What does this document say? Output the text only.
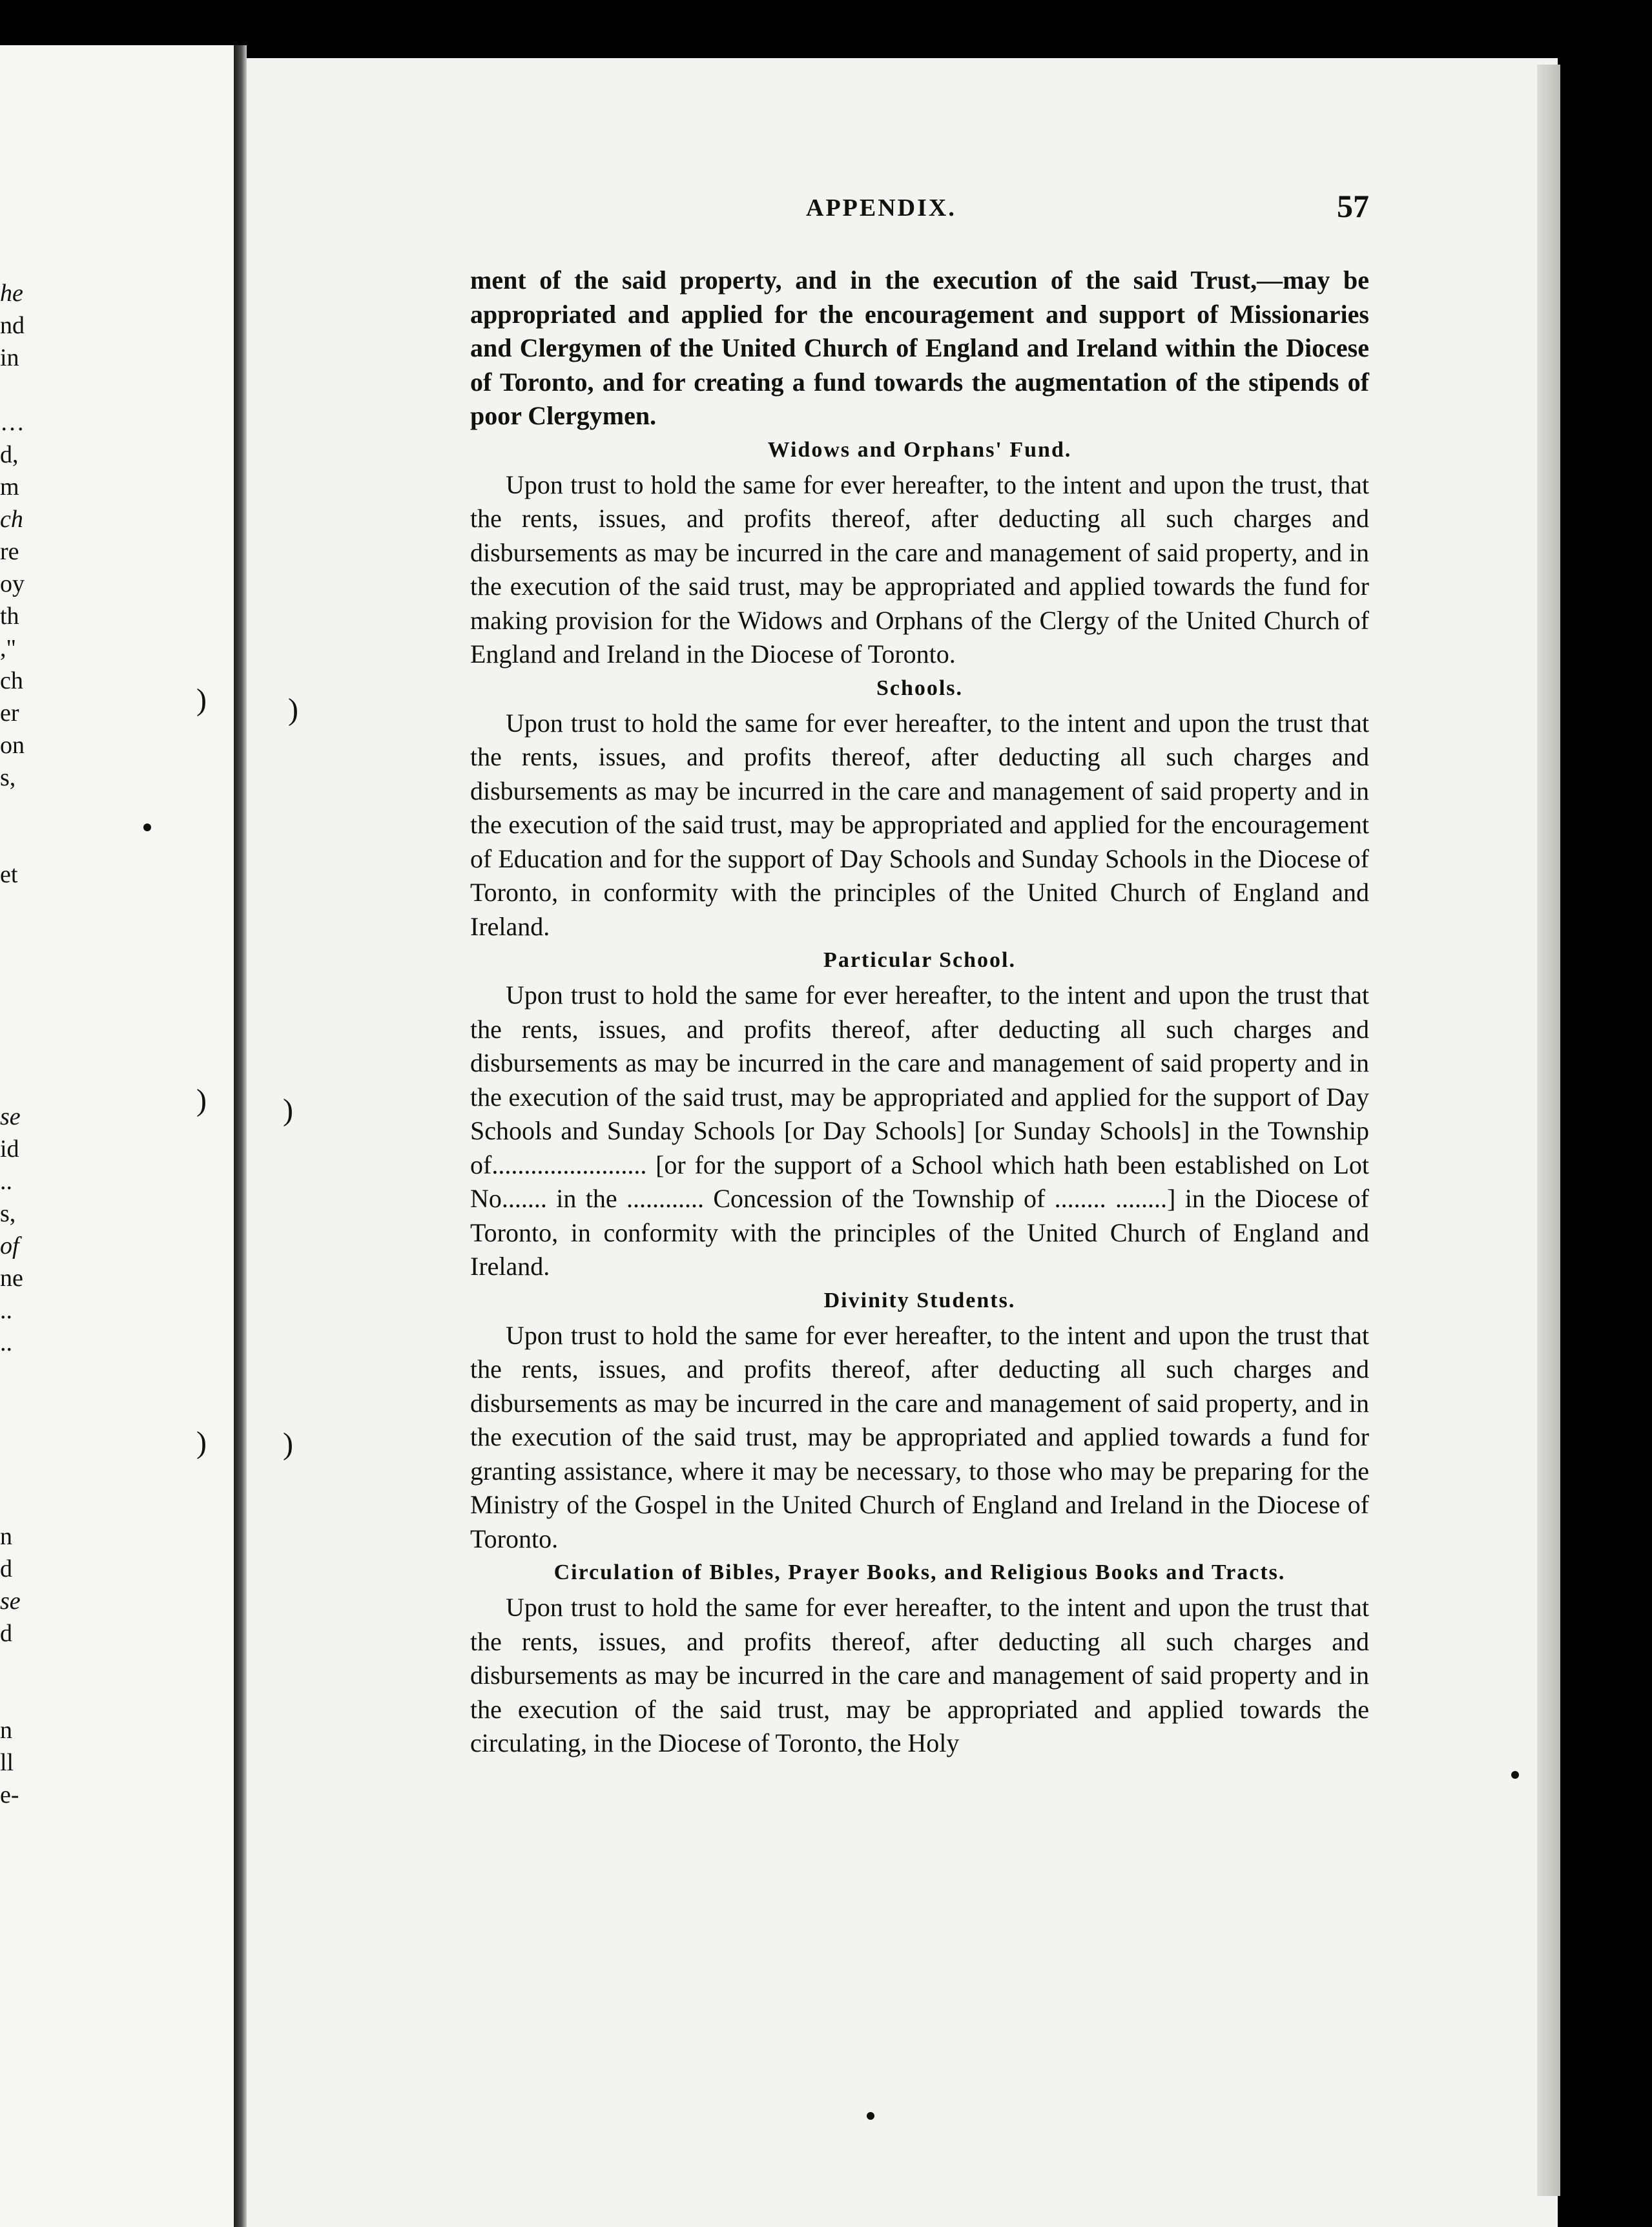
he
nd
in
…
d,
m
ch
re
oy
th
,"
ch
er
on
s,
et
se
id
..
s,
of
ne
..
..
n
d
se
d
n
ll
e-
)
)
)
)
)
)
APPENDIX.	57

ment of the said property, and in the execution of the said Trust,—may be appropriated and applied for the encouragement and support of Missionaries and Clergymen of the United Church of England and Ireland within the Diocese of Toronto, and for creating a fund towards the augmentation of the stipends of poor Clergymen.

Widows and Orphans' Fund.

Upon trust to hold the same for ever hereafter, to the intent and upon the trust, that the rents, issues, and profits thereof, after deducting all such charges and disbursements as may be incurred in the care and management of said property, and in the execution of the said trust, may be appropriated and applied towards the fund for making provision for the Widows and Orphans of the Clergy of the United Church of England and Ireland in the Diocese of Toronto.

Schools.

Upon trust to hold the same for ever hereafter, to the intent and upon the trust that the rents, issues, and profits thereof, after deducting all such charges and disbursements as may be incurred in the care and management of said property and in the execution of the said trust, may be appropriated and applied for the encouragement of Education and for the support of Day Schools and Sunday Schools in the Diocese of Toronto, in conformity with the principles of the United Church of England and Ireland.

Particular School.

Upon trust to hold the same for ever hereafter, to the intent and upon the trust that the rents, issues, and profits thereof, after deducting all such charges and disbursements as may be incurred in the care and management of said property and in the execution of the said trust, may be appropriated and applied for the support of Day Schools and Sunday Schools [or Day Schools] [or Sunday Schools] in the Township of........................ [or for the support of a School which hath been established on Lot No....... in the ............ Concession of the Township of ........ ........] in the Diocese of Toronto, in conformity with the principles of the United Church of England and Ireland.

Divinity Students.

Upon trust to hold the same for ever hereafter, to the intent and upon the trust that the rents, issues, and profits thereof, after deducting all such charges and disbursements as may be incurred in the care and management of said property, and in the execution of the said trust, may be appropriated and applied towards a fund for granting assistance, where it may be necessary, to those who may be preparing for the Ministry of the Gospel in the United Church of England and Ireland in the Diocese of Toronto.

Circulation of Bibles, Prayer Books, and Religious Books and Tracts.

Upon trust to hold the same for ever hereafter, to the intent and upon the trust that the rents, issues, and profits thereof, after deducting all such charges and disbursements as may be incurred in the care and management of said property and in the execution of the said trust, may be appropriated and applied towards the circulating, in the Diocese of Toronto, the Holy
